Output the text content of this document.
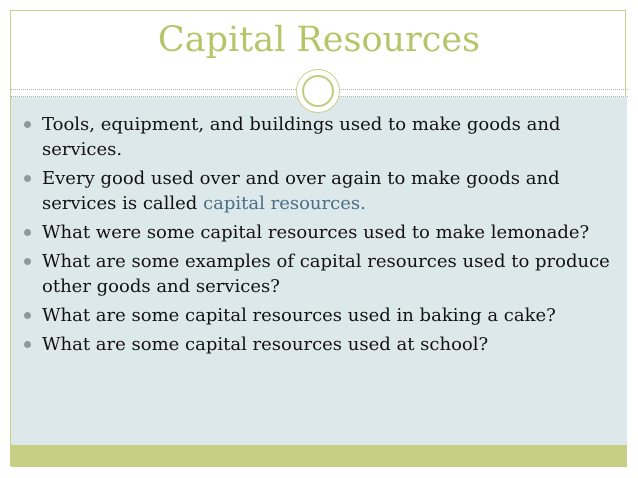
Capital Resources
Tools, equipment, and buildings used to make goods and services.
Every good used over and over again to make goods and services is called capital resources.
What were some capital resources used to make lemonade?
What are some examples of capital resources used to produce other goods and services?
What are some capital resources used in baking a cake?
What are some capital resources used at school?
